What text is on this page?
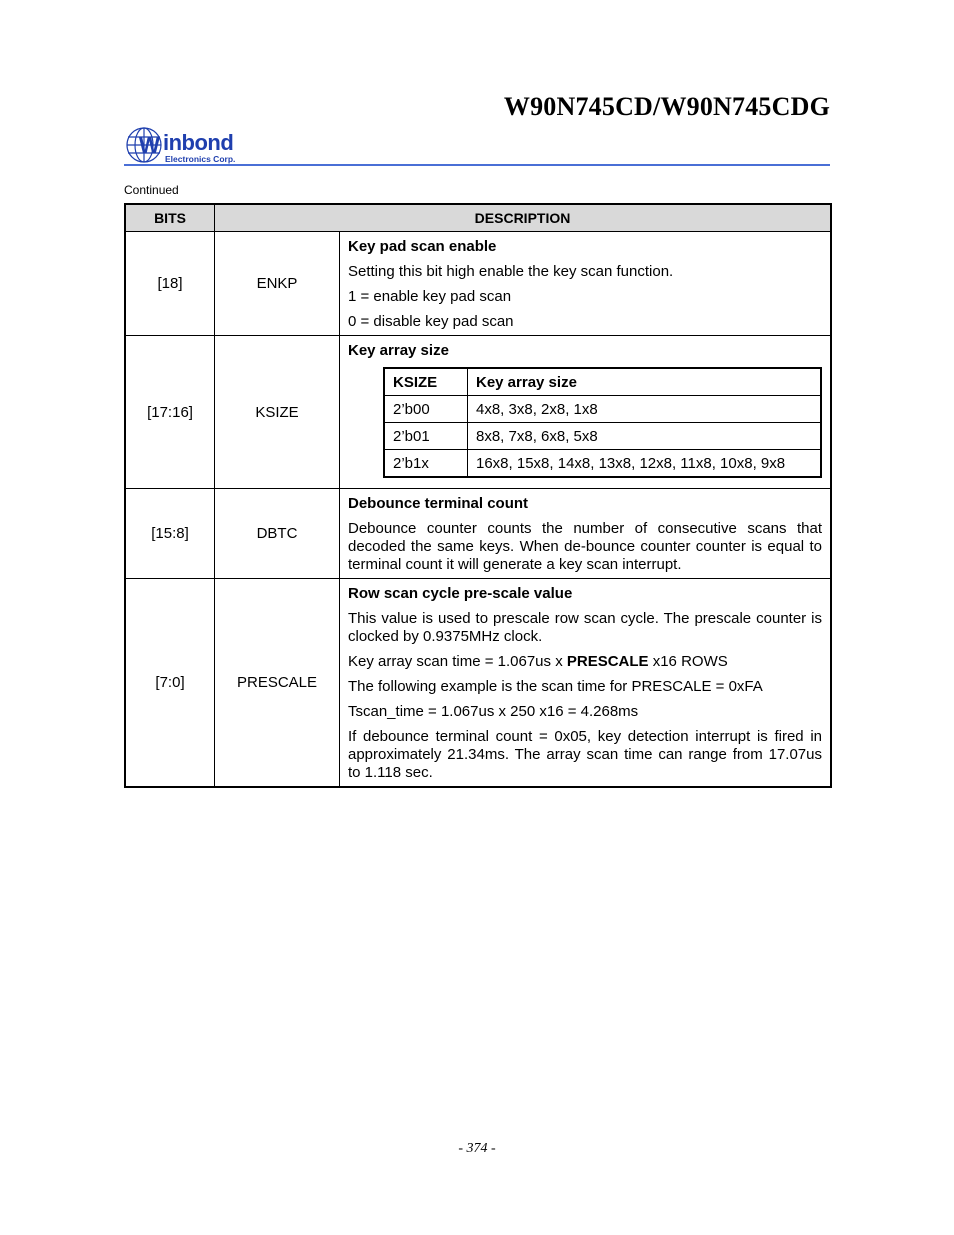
W90N745CD/W90N745CDG
W inbond
Electronics Corp.
Continued
BITS	DESCRIPTION
[18]	ENKP	
Key pad scan enable
Setting this bit high enable the key scan function.
1 = enable key pad scan
0 = disable key pad scan

[17:16]	KSIZE	
Key array size
KSIZE	Key array size
2’b00	4x8, 3x8, 2x8, 1x8
2’b01	8x8, 7x8, 6x8, 5x8
2’b1x	16x8, 15x8, 14x8, 13x8, 12x8, 11x8, 10x8, 9x8

[15:8]	DBTC	
Debounce terminal count
Debounce counter counts the number of consecutive scans that decoded the same keys. When de-bounce counter counter is equal to terminal count it will generate a key scan interrupt.

[7:0]	PRESCALE	
Row scan cycle pre-scale value
This value is used to prescale row scan cycle. The prescale counter is clocked by 0.9375MHz clock.
Key array scan time = 1.067us x PRESCALE x16 ROWS
The following example is the scan time for PRESCALE = 0xFA
Tscan_time = 1.067us x 250 x16 = 4.268ms
If debounce terminal count = 0x05, key detection interrupt is fired in approximately 21.34ms. The array scan time can range from 17.07us to 1.118 sec.
- 374 -
